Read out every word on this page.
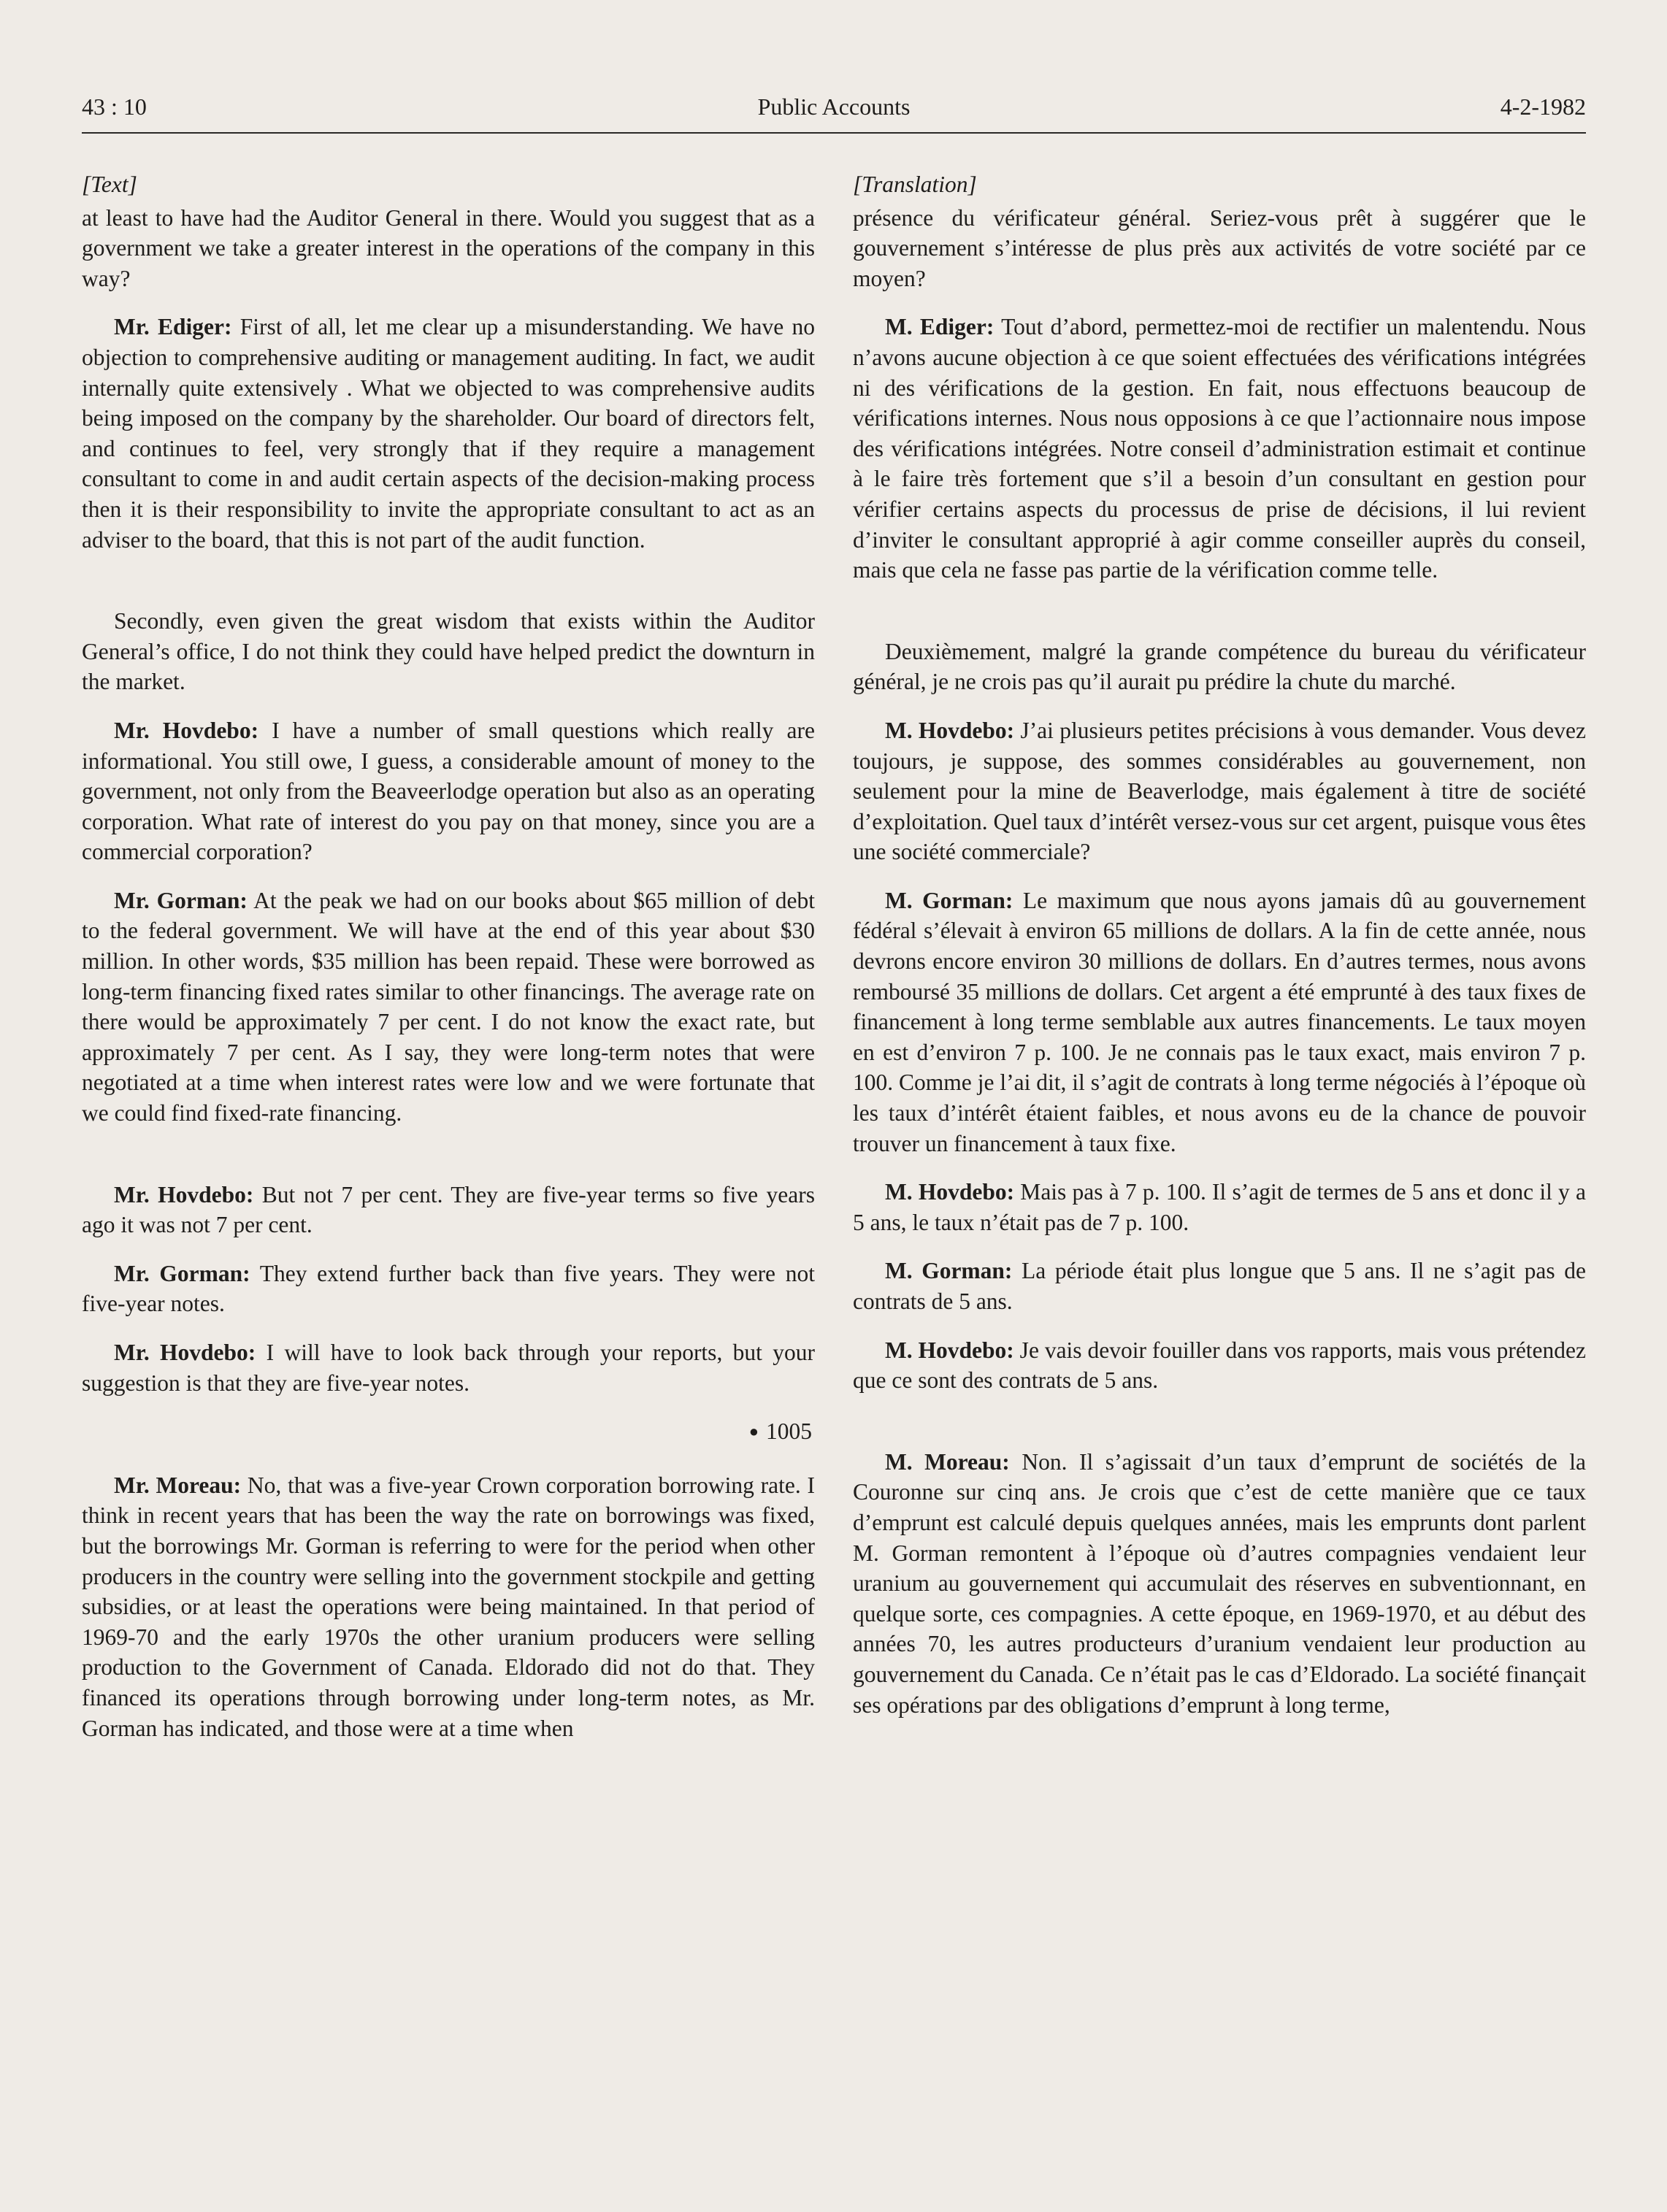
43 : 10	Public Accounts	4-2-1982
[Text]

at least to have had the Auditor General in there. Would you suggest that as a government we take a greater interest in the operations of the company in this way?

Mr. Ediger: First of all, let me clear up a misunderstanding. We have no objection to comprehensive auditing or management auditing. In fact, we audit internally quite extensively . What we objected to was comprehensive audits being imposed on the company by the shareholder. Our board of directors felt, and continues to feel, very strongly that if they require a management consultant to come in and audit certain aspects of the decision-making process then it is their responsibility to invite the appropriate consultant to act as an adviser to the board, that this is not part of the audit function.

Secondly, even given the great wisdom that exists within the Auditor General’s office, I do not think they could have helped predict the downturn in the market.

Mr. Hovdebo: I have a number of small questions which really are informational. You still owe, I guess, a considerable amount of money to the government, not only from the Beaveerlodge operation but also as an operating corporation. What rate of interest do you pay on that money, since you are a commercial corporation?

Mr. Gorman: At the peak we had on our books about $65 million of debt to the federal government. We will have at the end of this year about $30 million. In other words, $35 million has been repaid. These were borrowed as long-term financing fixed rates similar to other financings. The average rate on there would be approximately 7 per cent. I do not know the exact rate, but approximately 7 per cent. As I say, they were long-term notes that were negotiated at a time when interest rates were low and we were fortunate that we could find fixed-rate financing.

Mr. Hovdebo: But not 7 per cent. They are five-year terms so five years ago it was not 7 per cent.

Mr. Gorman: They extend further back than five years. They were not five-year notes.

Mr. Hovdebo: I will have to look back through your reports, but your suggestion is that they are five-year notes.

● 1005

Mr. Moreau: No, that was a five-year Crown corporation borrowing rate. I think in recent years that has been the way the rate on borrowings was fixed, but the borrowings Mr. Gorman is referring to were for the period when other producers in the country were selling into the government stockpile and getting subsidies, or at least the operations were being maintained. In that period of 1969-70 and the early 1970s the other uranium producers were selling production to the Government of Canada. Eldorado did not do that. They financed its operations through borrowing under long-term notes, as Mr. Gorman has indicated, and those were at a time when

[Translation]

présence du vérificateur général. Seriez-vous prêt à suggérer que le gouvernement s’intéresse de plus près aux activités de votre société par ce moyen?

M. Ediger: Tout d’abord, permettez-moi de rectifier un malentendu. Nous n’avons aucune objection à ce que soient effectuées des vérifications intégrées ni des vérifications de la gestion. En fait, nous effectuons beaucoup de vérifications internes. Nous nous opposions à ce que l’actionnaire nous impose des vérifications intégrées. Notre conseil d’administration estimait et continue à le faire très fortement que s’il a besoin d’un consultant en gestion pour vérifier certains aspects du processus de prise de décisions, il lui revient d’inviter le consultant approprié à agir comme conseiller auprès du conseil, mais que cela ne fasse pas partie de la vérification comme telle.

Deuxièmement, malgré la grande compétence du bureau du vérificateur général, je ne crois pas qu’il aurait pu prédire la chute du marché.

M. Hovdebo: J’ai plusieurs petites précisions à vous demander. Vous devez toujours, je suppose, des sommes considérables au gouvernement, non seulement pour la mine de Beaverlodge, mais également à titre de société d’exploitation. Quel taux d’intérêt versez-vous sur cet argent, puisque vous êtes une société commerciale?

M. Gorman: Le maximum que nous ayons jamais dû au gouvernement fédéral s’élevait à environ 65 millions de dollars. A la fin de cette année, nous devrons encore environ 30 millions de dollars. En d’autres termes, nous avons remboursé 35 millions de dollars. Cet argent a été emprunté à des taux fixes de financement à long terme semblable aux autres financements. Le taux moyen en est d’environ 7 p. 100. Je ne connais pas le taux exact, mais environ 7 p. 100. Comme je l’ai dit, il s’agit de contrats à long terme négociés à l’époque où les taux d’intérêt étaient faibles, et nous avons eu de la chance de pouvoir trouver un financement à taux fixe.

M. Hovdebo: Mais pas à 7 p. 100. Il s’agit de termes de 5 ans et donc il y a 5 ans, le taux n’était pas de 7 p. 100.

M. Gorman: La période était plus longue que 5 ans. Il ne s’agit pas de contrats de 5 ans.

M. Hovdebo: Je vais devoir fouiller dans vos rapports, mais vous prétendez que ce sont des contrats de 5 ans.

M. Moreau: Non. Il s’agissait d’un taux d’emprunt de sociétés de la Couronne sur cinq ans. Je crois que c’est de cette manière que ce taux d’emprunt est calculé depuis quelques années, mais les emprunts dont parlent M. Gorman remontent à l’époque où d’autres compagnies vendaient leur uranium au gouvernement qui accumulait des réserves en subventionnant, en quelque sorte, ces compagnies. A cette époque, en 1969-1970, et au début des années 70, les autres producteurs d’uranium vendaient leur production au gouvernement du Canada. Ce n’était pas le cas d’Eldorado. La société finançait ses opérations par des obligations d’emprunt à long terme,
